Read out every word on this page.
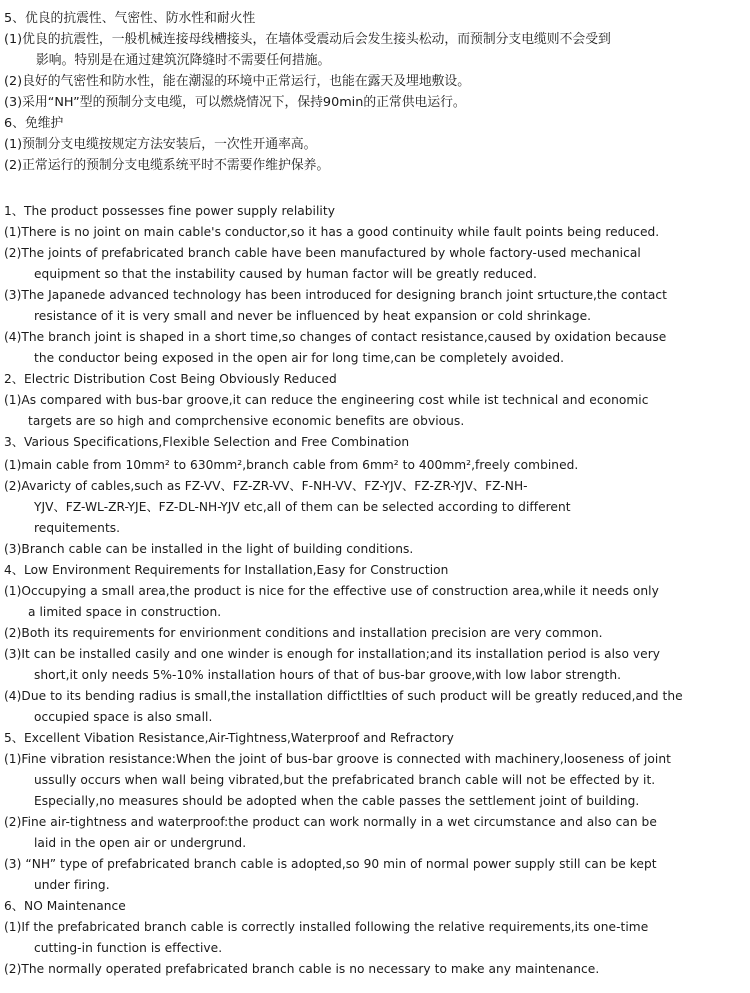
5、优良的抗震性、气密性、防水性和耐火性
(1)优良的抗震性，一般机械连接母线槽接头，在墙体受震动后会发生接头松动，而预制分支电缆则不会受到
影响。特别是在通过建筑沉降缝时不需要任何措施。
(2)良好的气密性和防水性，能在潮湿的环境中正常运行，也能在露天及埋地敷设。
(3)采用“NH”型的预制分支电缆，可以燃烧情况下，保持90min的正常供电运行。
6、免维护
(1)预制分支电缆按规定方法安装后，一次性开通率高。
(2)正常运行的预制分支电缆系统平时不需要作维护保养。
1、The product possesses fine power supply relability
(1)There is no joint on main cable's conductor,so it has a good continuity while fault points being reduced.
(2)The joints of prefabricated branch cable have been manufactured by whole factory-used mechanical
equipment so that the instability caused by human factor will be greatly reduced.
(3)The Japanede advanced technology has been introduced for designing branch joint srtucture,the contact
resistance of it is very small and never be influenced by heat expansion or cold shrinkage.
(4)The branch joint is shaped in a short time,so changes of contact resistance,caused by oxidation because
the conductor being exposed in the open air for long time,can be completely avoided.
2、Electric Distribution Cost Being Obviously Reduced
(1)As compared with bus-bar groove,it can reduce the engineering cost while ist technical and economic
targets are so high and comprchensive economic benefits are obvious.
3、Various Specifications,Flexible Selection and Free Combination
(1)main cable from 10mm² to 630mm²,branch cable from 6mm² to 400mm²,freely combined.
(2)Avaricty of cables,such as FZ-VV、FZ-ZR-VV、F-NH-VV、FZ-YJV、FZ-ZR-YJV、FZ-NH-
YJV、FZ-WL-ZR-YJE、FZ-DL-NH-YJV etc,all of them can be selected according to different
requitements.
(3)Branch cable can be installed in the light of building conditions.
4、Low Environment Requirements for Installation,Easy for Construction
(1)Occupying a small area,the product is nice for the effective use of construction area,while it needs only
a limited space in construction.
(2)Both its requirements for envirionment conditions and installation precision are very common.
(3)It can be installed casily and one winder is enough for installation;and its installation period is also very
short,it only needs 5%-10% installation hours of that of bus-bar groove,with low labor strength.
(4)Due to its bending radius is small,the installation diffictlties of such product will be greatly reduced,and the
occupied space is also small.
5、Excellent Vibation Resistance,Air-Tightness,Waterproof and Refractory
(1)Fine vibration resistance:When the joint of bus-bar groove is connected with machinery,looseness of joint
ussully occurs when wall being vibrated,but the prefabricated branch cable will not be effected by it.
Especially,no measures should be adopted when the cable passes the settlement joint of building.
(2)Fine air-tightness and waterproof:the product can work normally in a wet circumstance and also can be
laid in the open air or undergrund.
(3) “NH” type of prefabricated branch cable is adopted,so 90 min of normal power supply still can be kept
under firing.
6、NO Maintenance
(1)If the prefabricated branch cable is correctly installed following the relative requirements,its one-time
cutting-in function is effective.
(2)The normally operated prefabricated branch cable is no necessary to make any maintenance.
